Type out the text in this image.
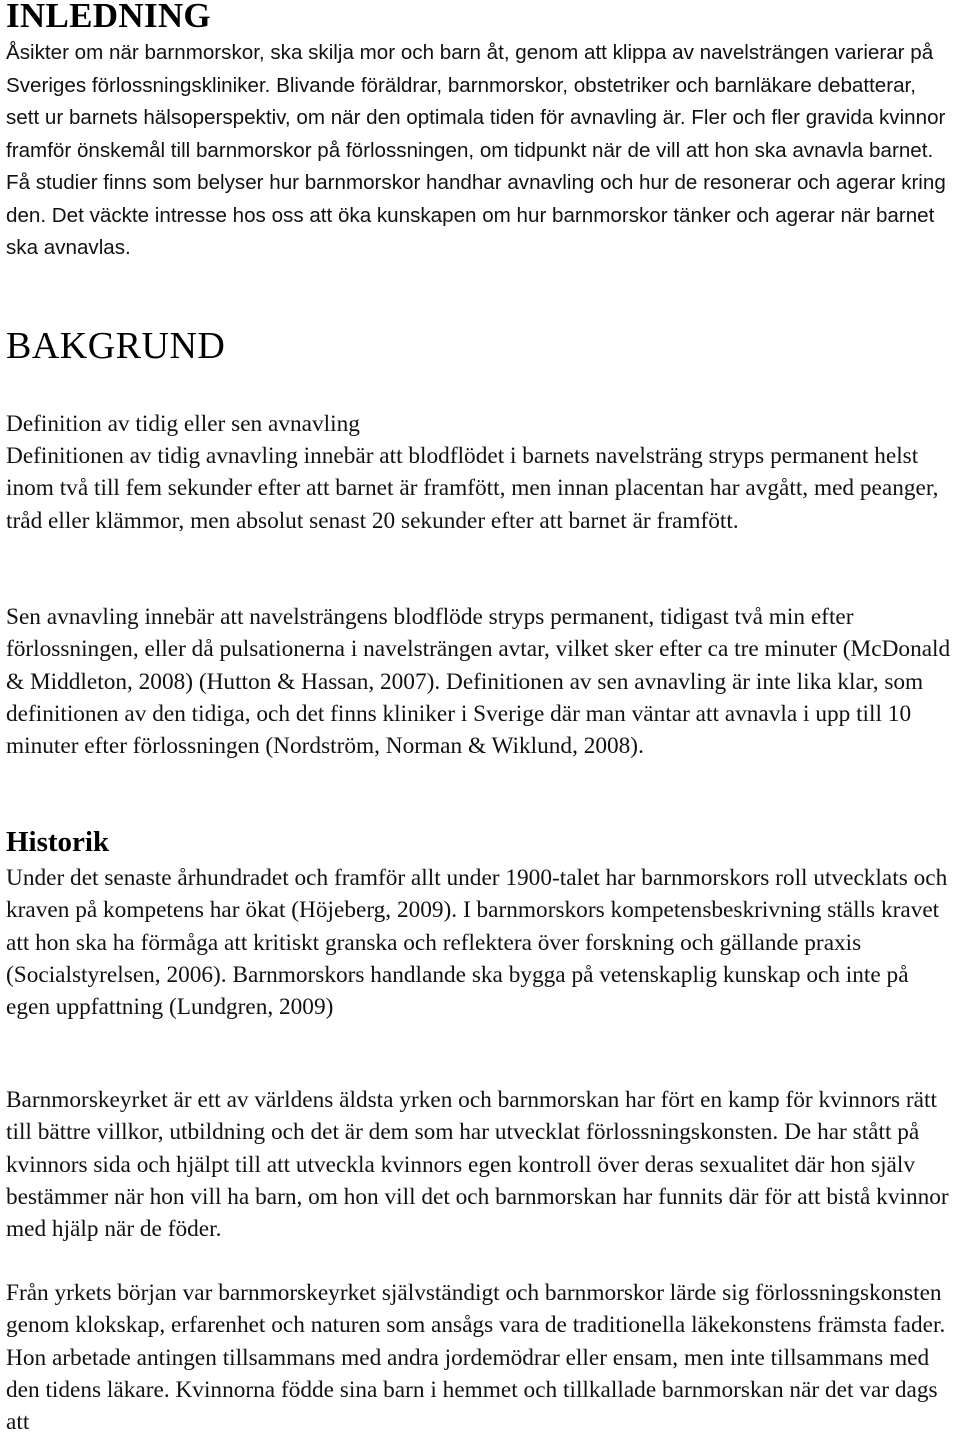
INLEDNING

Åsikter om när barnmorskor, ska skilja mor och barn åt, genom att klippa av navelsträngen varierar på Sveriges förlossningskliniker. Blivande föräldrar, barnmorskor, obstetriker och barnläkare debatterar, sett ur barnets hälsoperspektiv, om när den optimala tiden för avnavling är. Fler och fler gravida kvinnor framför önskemål till barnmorskor på förlossningen, om tidpunkt när de vill att hon ska avnavla barnet. Få studier finns som belyser hur barnmorskor handhar avnavling och hur de resonerar och agerar kring den. Det väckte intresse hos oss att öka kunskapen om hur barnmorskor tänker och agerar när barnet ska avnavlas.

BAKGRUND
Definition av tidig eller sen avnavling

Definitionen av tidig avnavling innebär att blodflödet i barnets navelsträng stryps permanent helst inom två till fem sekunder efter att barnet är framfött, men innan placentan har avgått, med peanger, tråd eller klämmor, men absolut senast 20 sekunder efter att barnet är framfött.

Sen avnavling innebär att navelsträngens blodflöde stryps permanent, tidigast två min efter förlossningen, eller då pulsationerna i navelsträngen avtar, vilket sker efter ca tre minuter (McDonald & Middleton, 2008) (Hutton & Hassan, 2007). Definitionen av sen avnavling är inte lika klar, som definitionen av den tidiga, och det finns kliniker i Sverige där man väntar att avnavla i upp till 10 minuter efter förlossningen (Nordström, Norman & Wiklund, 2008).

Historik

Under det senaste århundradet och framför allt under 1900-talet har barnmorskors roll utvecklats och kraven på kompetens har ökat (Höjeberg, 2009). I barnmorskors kompetensbeskrivning ställs kravet att hon ska ha förmåga att kritiskt granska och reflektera över forskning och gällande praxis (Socialstyrelsen, 2006). Barnmorskors handlande ska bygga på vetenskaplig kunskap och inte på egen uppfattning (Lundgren, 2009)

Barnmorskeyrket är ett av världens äldsta yrken och barnmorskan har fört en kamp för kvinnors rätt till bättre villkor, utbildning och det är dem som har utvecklat förlossningskonsten. De har stått på kvinnors sida och hjälpt till att utveckla kvinnors egen kontroll över deras sexualitet där hon själv bestämmer när hon vill ha barn, om hon vill det och barnmorskan har funnits där för att bistå kvinnor med hjälp när de föder.

Från yrkets början var barnmorskeyrket självständigt och barnmorskor lärde sig förlossningskonsten genom klokskap, erfarenhet och naturen som ansågs vara de traditionella läkekonstens främsta fader. Hon arbetade antingen tillsammans med andra jordemödrar eller ensam, men inte tillsammans med den tidens läkare. Kvinnorna födde sina barn i hemmet och tillkallade barnmorskan när det var dags att
